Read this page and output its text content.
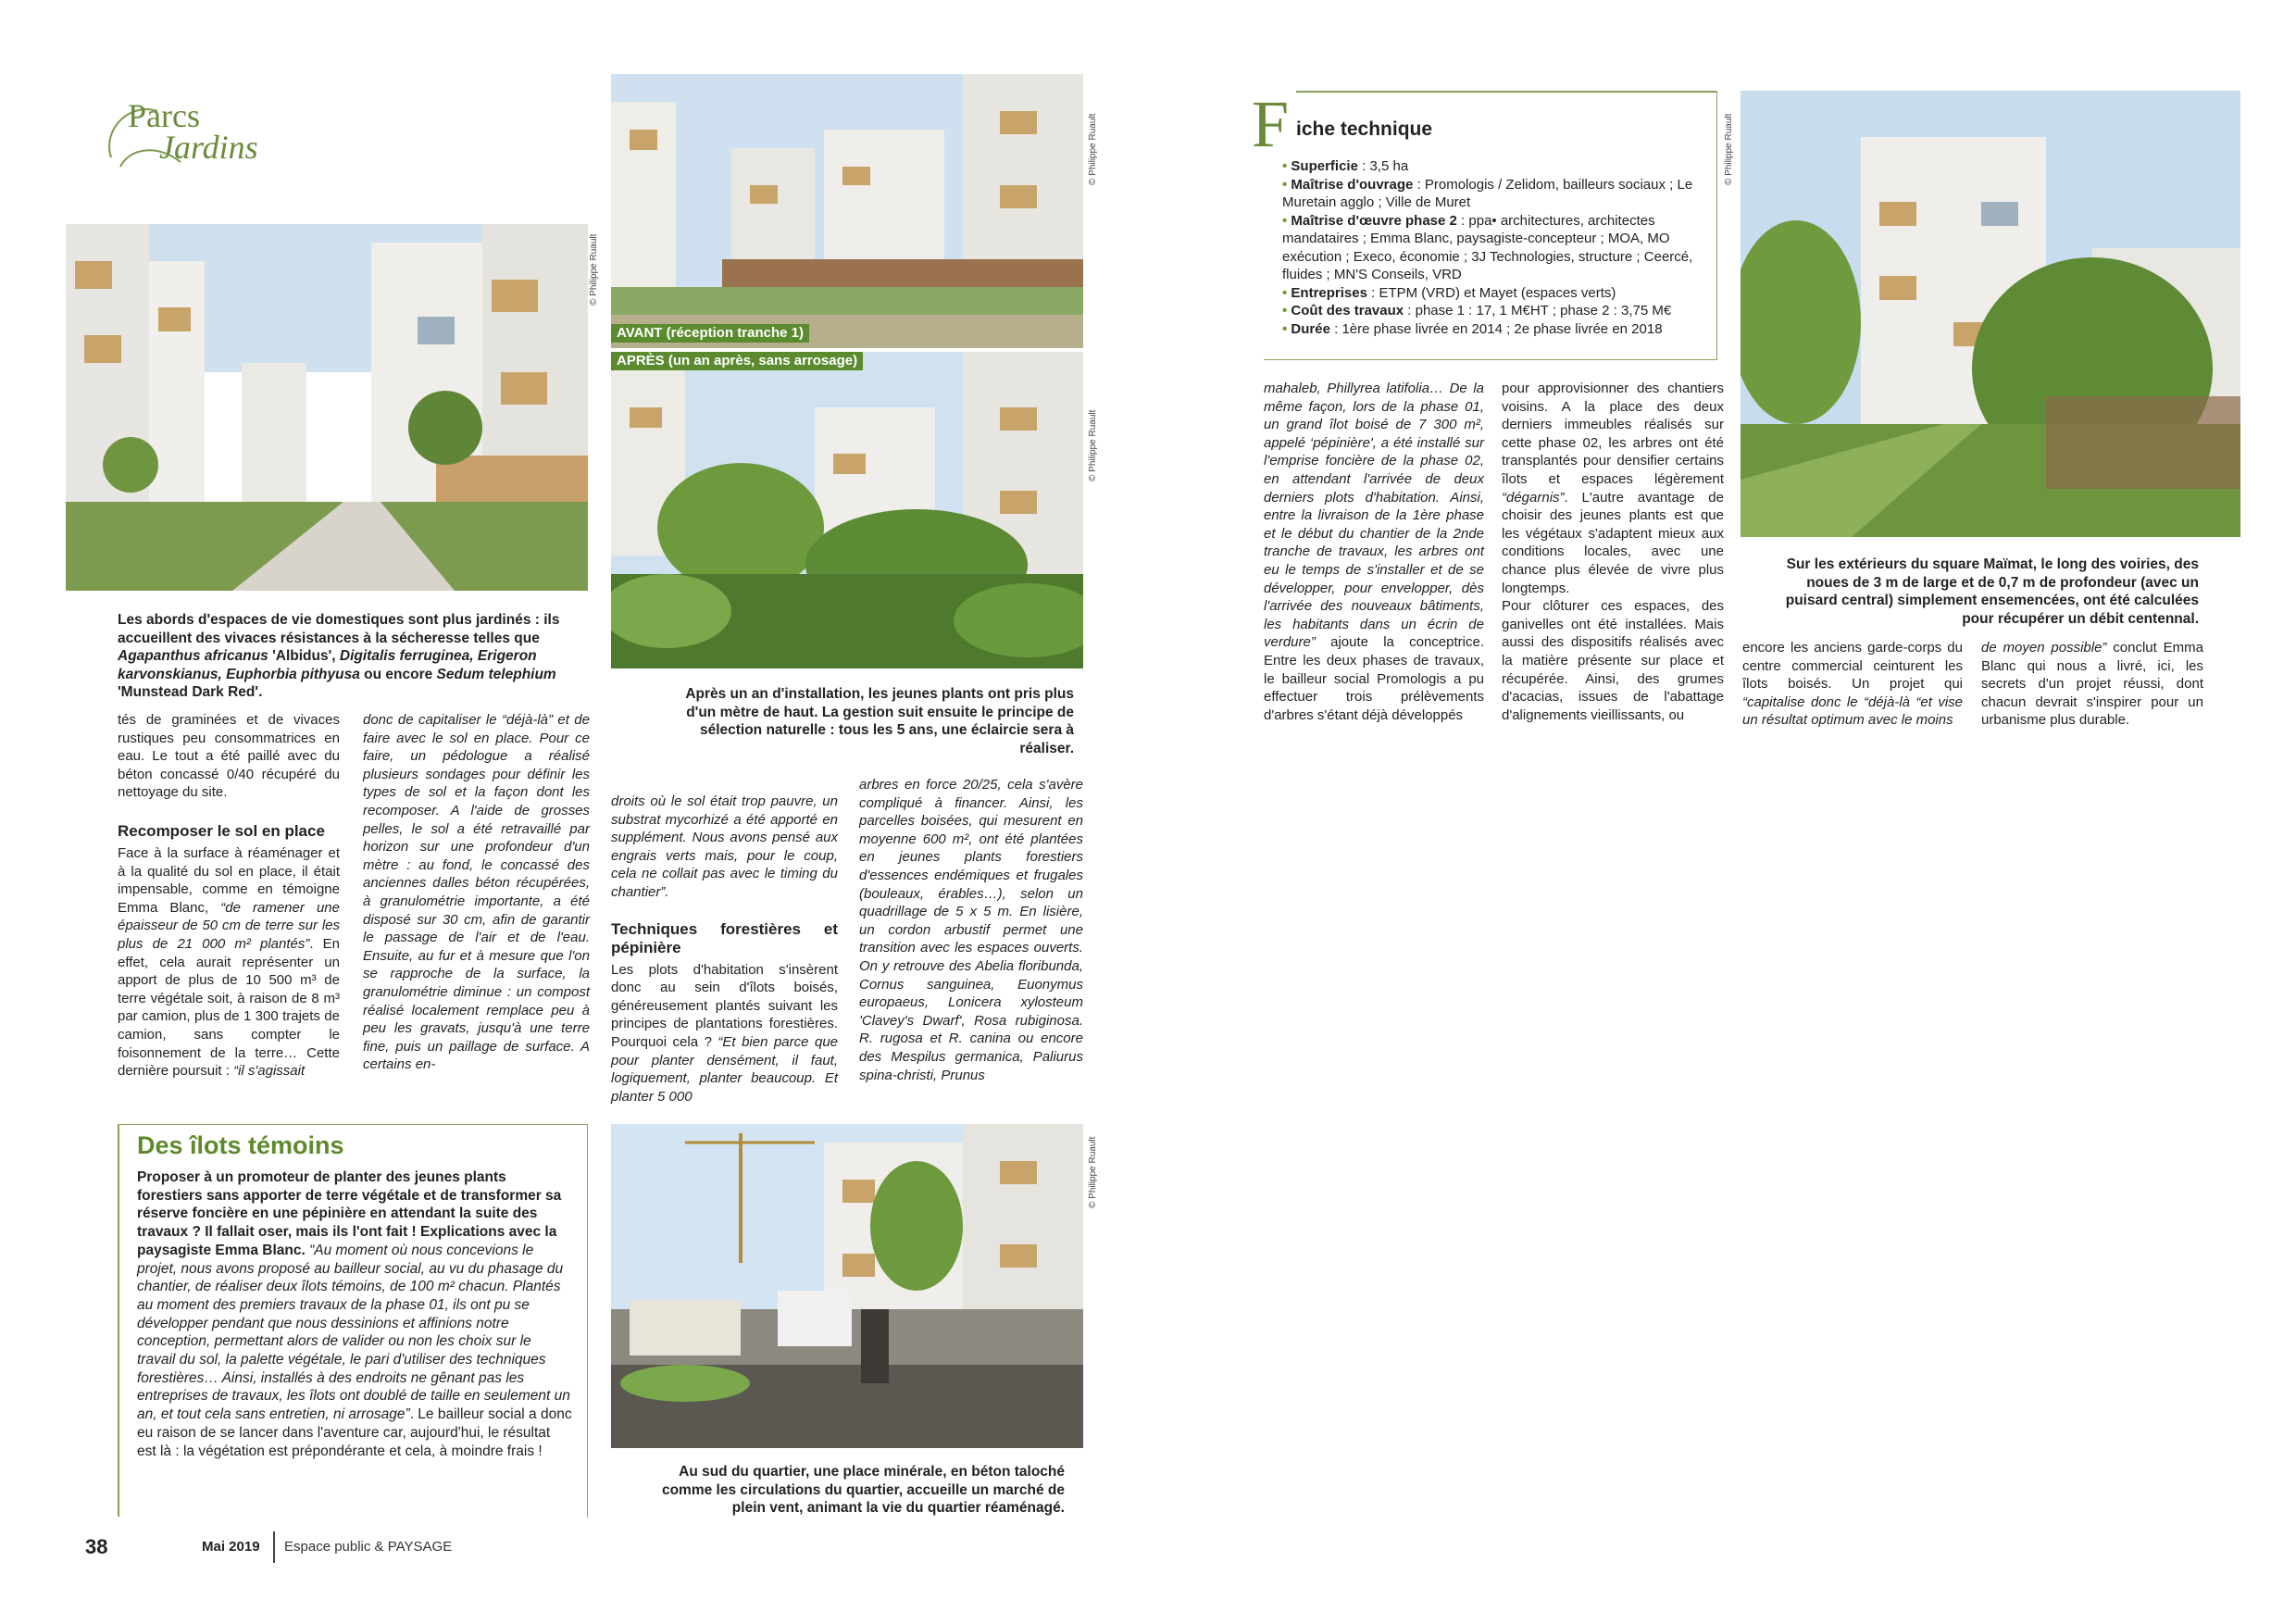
Parcs
Jardins
© Philippe Ruault
Les abords d'espaces de vie domestiques sont plus jardinés : ils accueillent des vivaces résistances à la sécheresse telles que Agapanthus africanus 'Albidus', Digitalis ferruginea, Erigeron karvonskianus, Euphorbia pithyusa ou encore Sedum telephium 'Munstead Dark Red'.
© Philippe Ruault
AVANT (réception tranche 1)
APRÈS (un an après, sans arrosage)
© Philippe Ruault
Après un an d'installation, les jeunes plants ont pris plus d'un mètre de haut. La gestion suit ensuite le principe de sélection naturelle : tous les 5 ans, une éclaircie sera à réaliser.

tés de graminées et de vivaces rustiques peu consommatrices en eau. Le tout a été paillé avec du béton concassé 0/40 récupéré du nettoyage du site.

Recomposer le sol en place

Face à la surface à réaménager et à la qualité du sol en place, il était impensable, comme en témoigne Emma Blanc, “de ramener une épaisseur de 50 cm de terre sur les plus de 21 000 m² plantés”. En effet, cela aurait représenter un apport de plus de 10 500 m³ de terre végétale soit, à raison de 8 m³ par camion, plus de 1 300 trajets de camion, sans compter le foisonnement de la terre… Cette dernière poursuit : “il s'agissait

donc de capitaliser le “déjà-là” et de faire avec le sol en place. Pour ce faire, un pédologue a réalisé plusieurs sondages pour définir les types de sol et la façon dont les recomposer. A l'aide de grosses pelles, le sol a été retravaillé par horizon sur une profondeur d'un mètre : au fond, le concassé des anciennes dalles béton récupérées, à granulométrie importante, a été disposé sur 30 cm, afin de garantir le passage de l'air et de l'eau. Ensuite, au fur et à mesure que l'on se rapproche de la surface, la granulométrie diminue : un compost réalisé localement remplace peu à peu les gravats, jusqu'à une terre fine, puis un paillage de surface. A certains en-

droits où le sol était trop pauvre, un substrat mycorhizé a été apporté en supplément. Nous avons pensé aux engrais verts mais, pour le coup, cela ne collait pas avec le timing du chantier”.

Techniques forestières et pépinière

Les plots d'habitation s'insèrent donc au sein d'îlots boisés, généreusement plantés suivant les principes de plantations forestières. Pourquoi cela ? “Et bien parce que pour planter densément, il faut, logiquement, planter beaucoup. Et planter 5 000

arbres en force 20/25, cela s'avère compliqué à financer. Ainsi, les parcelles boisées, qui mesurent en moyenne 600 m², ont été plantées en jeunes plants forestiers d'essences endémiques et frugales (bouleaux, érables…), selon un quadrillage de 5 x 5 m. En lisière, un cordon arbustif permet une transition avec les espaces ouverts. On y retrouve des Abelia floribunda, Cornus sanguinea, Euonymus europaeus, Lonicera xylosteum 'Clavey's Dwarf', Rosa rubiginosa. R. rugosa et R. canina ou encore des Mespilus germanica, Paliurus spina-christi, Prunus

Des îlots témoins
Proposer à un promoteur de planter des jeunes plants forestiers sans apporter de terre végétale et de transformer sa réserve foncière en une pépinière en attendant la suite des travaux ? Il fallait oser, mais ils l'ont fait ! Explications avec la paysagiste Emma Blanc. “Au moment où nous concevions le projet, nous avons proposé au bailleur social, au vu du phasage du chantier, de réaliser deux îlots témoins, de 100 m² chacun. Plantés au moment des premiers travaux de la phase 01, ils ont pu se développer pendant que nous dessinions et affinions notre conception, permettant alors de valider ou non les choix sur le travail du sol, la palette végétale, le pari d'utiliser des techniques forestières… Ainsi, installés à des endroits ne gênant pas les entreprises de travaux, les îlots ont doublé de taille en seulement un an, et tout cela sans entretien, ni arrosage”. Le bailleur social a donc eu raison de se lancer dans l'aventure car, aujourd'hui, le résultat est là : la végétation est prépondérante et cela, à moindre frais !
© Philippe Ruault
Au sud du quartier, une place minérale, en béton taloché comme les circulations du quartier, accueille un marché de plein vent, animant la vie du quartier réaménagé.
38	Mai 2019 Espace public & PAYSAGE
F iche technique
• Superficie : 3,5 ha
• Maîtrise d'ouvrage : Promologis / Zelidom, bailleurs sociaux ; Le Muretain agglo ; Ville de Muret
• Maîtrise d'œuvre phase 2 : ppa• architectures, architectes mandataires ; Emma Blanc, paysagiste-concepteur ; MOA, MO exécution ; Execo, économie ; 3J Technologies, structure ; Ceercé, fluides ; MN'S Conseils, VRD
• Entreprises : ETPM (VRD) et Mayet (espaces verts)
• Coût des travaux : phase 1 : 17, 1 M€HT ; phase 2 : 3,75 M€
• Durée : 1ère phase livrée en 2014 ; 2e phase livrée en 2018
© Philippe Ruault
Sur les extérieurs du square Maïmat, le long des voiries, des noues de 3 m de large et de 0,7 m de profondeur (avec un puisard central) simplement ensemencées, ont été calculées pour récupérer un débit centennal.

mahaleb, Phillyrea latifolia… De la même façon, lors de la phase 01, un grand îlot boisé de 7 300 m², appelé ‘pépinière', a été installé sur l'emprise foncière de la phase 02, en attendant l'arrivée de deux derniers plots d'habitation. Ainsi, entre la livraison de la 1ère phase et le début du chantier de la 2nde tranche de travaux, les arbres ont eu le temps de s'installer et de se développer, pour envelopper, dès l'arrivée des nouveaux bâtiments, les habitants dans un écrin de verdure” ajoute la conceptrice. Entre les deux phases de travaux, le bailleur social Promologis a pu effectuer trois prélèvements d'arbres s'étant déjà développés

pour approvisionner des chantiers voisins. A la place des deux derniers immeubles réalisés sur cette phase 02, les arbres ont été transplantés pour densifier certains îlots et espaces légèrement “dégarnis”. L'autre avantage de choisir des jeunes plants est que les végétaux s'adaptent mieux aux conditions locales, avec une chance plus élevée de vivre plus longtemps.

Pour clôturer ces espaces, des ganivelles ont été installées. Mais aussi des dispositifs réalisés avec la matière présente sur place et récupérée. Ainsi, des grumes d'acacias, issues de l'abattage d'alignements vieillissants, ou

encore les anciens garde-corps du centre commercial ceinturent les îlots boisés. Un projet qui “capitalise donc le “déjà-là “et vise un résultat optimum avec le moins

de moyen possible” conclut Emma Blanc qui nous a livré, ici, les secrets d'un projet réussi, dont chacun devrait s'inspirer pour un urbanisme plus durable.
